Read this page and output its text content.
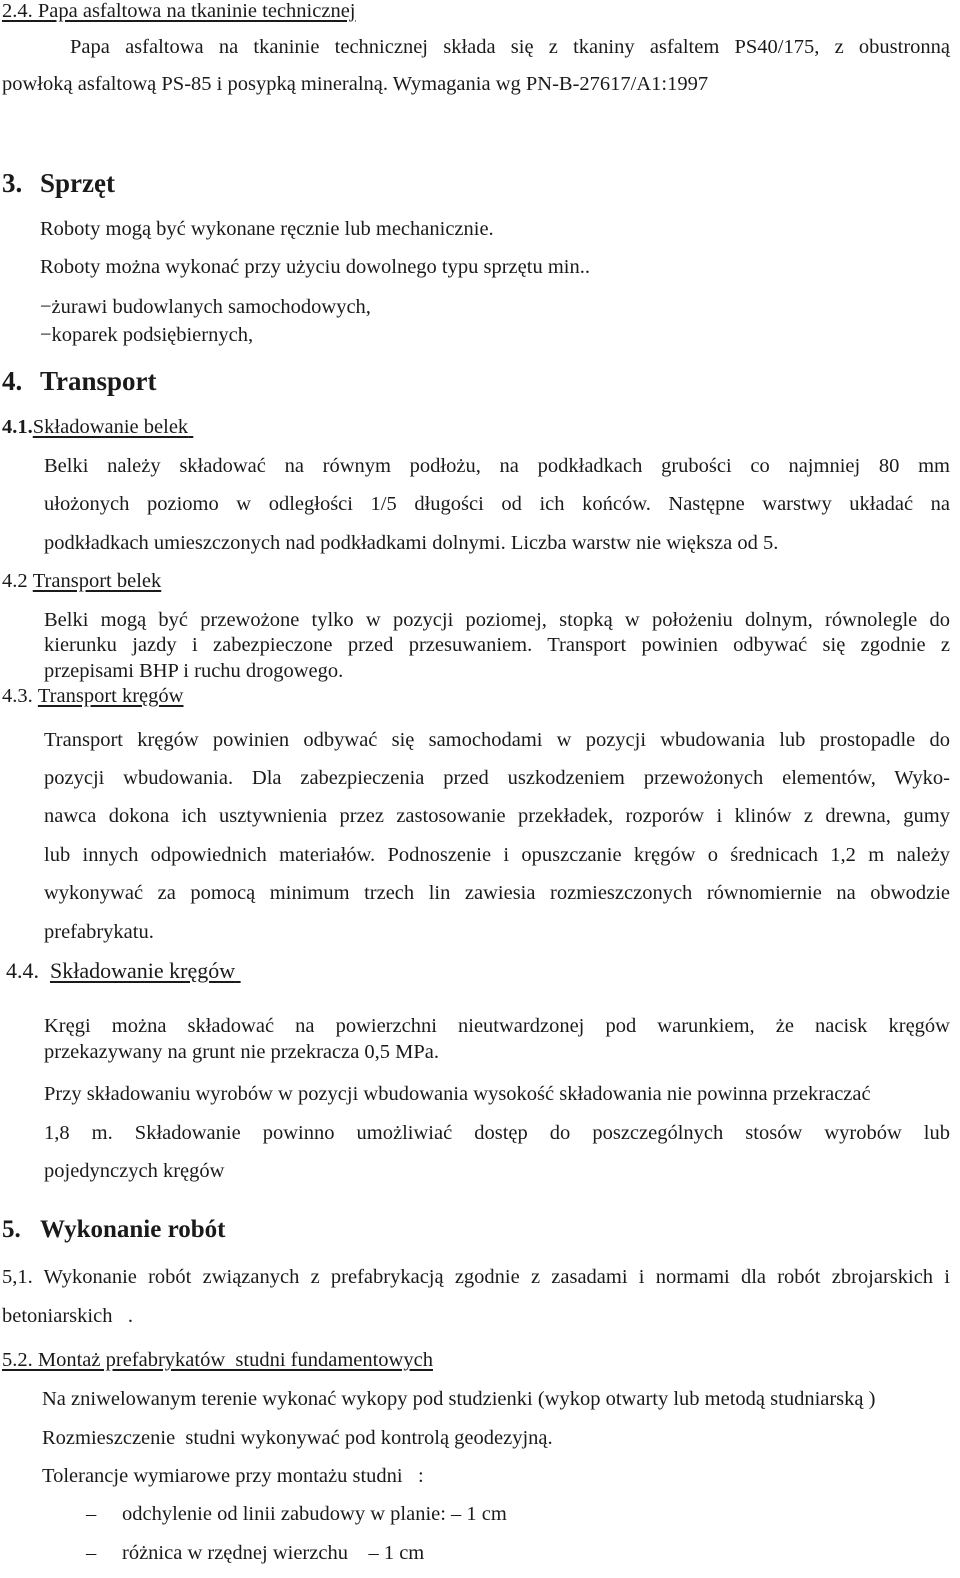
2.4. Papa asfaltowa na tkaninie technicznej
Papa asfaltowa na tkaninie technicznej składa się z tkaniny asfaltem PS40/175, z obustronną
powłoką asfaltową PS-85 i posypką mineralną. Wymagania wg PN-B-27617/A1:1997
3. Sprzęt
Roboty mogą być wykonane ręcznie lub mechanicznie.
Roboty można wykonać przy użyciu dowolnego typu sprzętu min..
−żurawi budowlanych samochodowych,
−koparek podsiębiernych,
4. Transport
4.1.Składowanie belek
Belki należy składować na równym podłożu, na podkładkach grubości co najmniej 80 mm
ułożonych poziomo w odległości 1/5 długości od ich końców. Następne warstwy układać na
podkładkach umieszczonych nad podkładkami dolnymi. Liczba warstw nie większa od 5.
4.2 Transport belek
Belki mogą być przewożone tylko w pozycji poziomej, stopką w położeniu dolnym, równolegle do
kierunku jazdy i zabezpieczone przed przesuwaniem. Transport powinien odbywać się zgodnie z
przepisami BHP i ruchu drogowego.
4.3. Transport kręgów
Transport kręgów powinien odbywać się samochodami w pozycji wbudowania lub prostopadle do
pozycji wbudowania. Dla zabezpieczenia przed uszkodzeniem przewożonych elementów, Wyko-
nawca dokona ich usztywnienia przez zastosowanie przekładek, rozporów i klinów z drewna, gumy
lub innych odpowiednich materiałów. Podnoszenie i opuszczanie kręgów o średnicach 1,2 m należy
wykonywać za pomocą minimum trzech lin zawiesia rozmieszczonych równomiernie na obwodzie
prefabrykatu.
4.4. Składowanie kręgów
Kręgi można składować na powierzchni nieutwardzonej pod warunkiem, że nacisk kręgów
przekazywany na grunt nie przekracza 0,5 MPa.
Przy składowaniu wyrobów w pozycji wbudowania wysokość składowania nie powinna przekraczać
1,8 m. Składowanie powinno umożliwiać dostęp do poszczególnych stosów wyrobów lub
pojedynczych kręgów
5. Wykonanie robót
5,1. Wykonanie robót związanych z prefabrykacją zgodnie z zasadami i normami dla robót zbrojarskich i
betoniarskich   .
5.2. Montaż prefabrykatów  studni fundamentowych
Na zniwelowanym terenie wykonać wykopy pod studzienki (wykop otwarty lub metodą studniarską )
Rozmieszczenie  studni wykonywać pod kontrolą geodezyjną.
Tolerancje wymiarowe przy montażu studni   :
– odchylenie od linii zabudowy w planie: – 1 cm
– różnica w rzędnej wierzchu    – 1 cm
